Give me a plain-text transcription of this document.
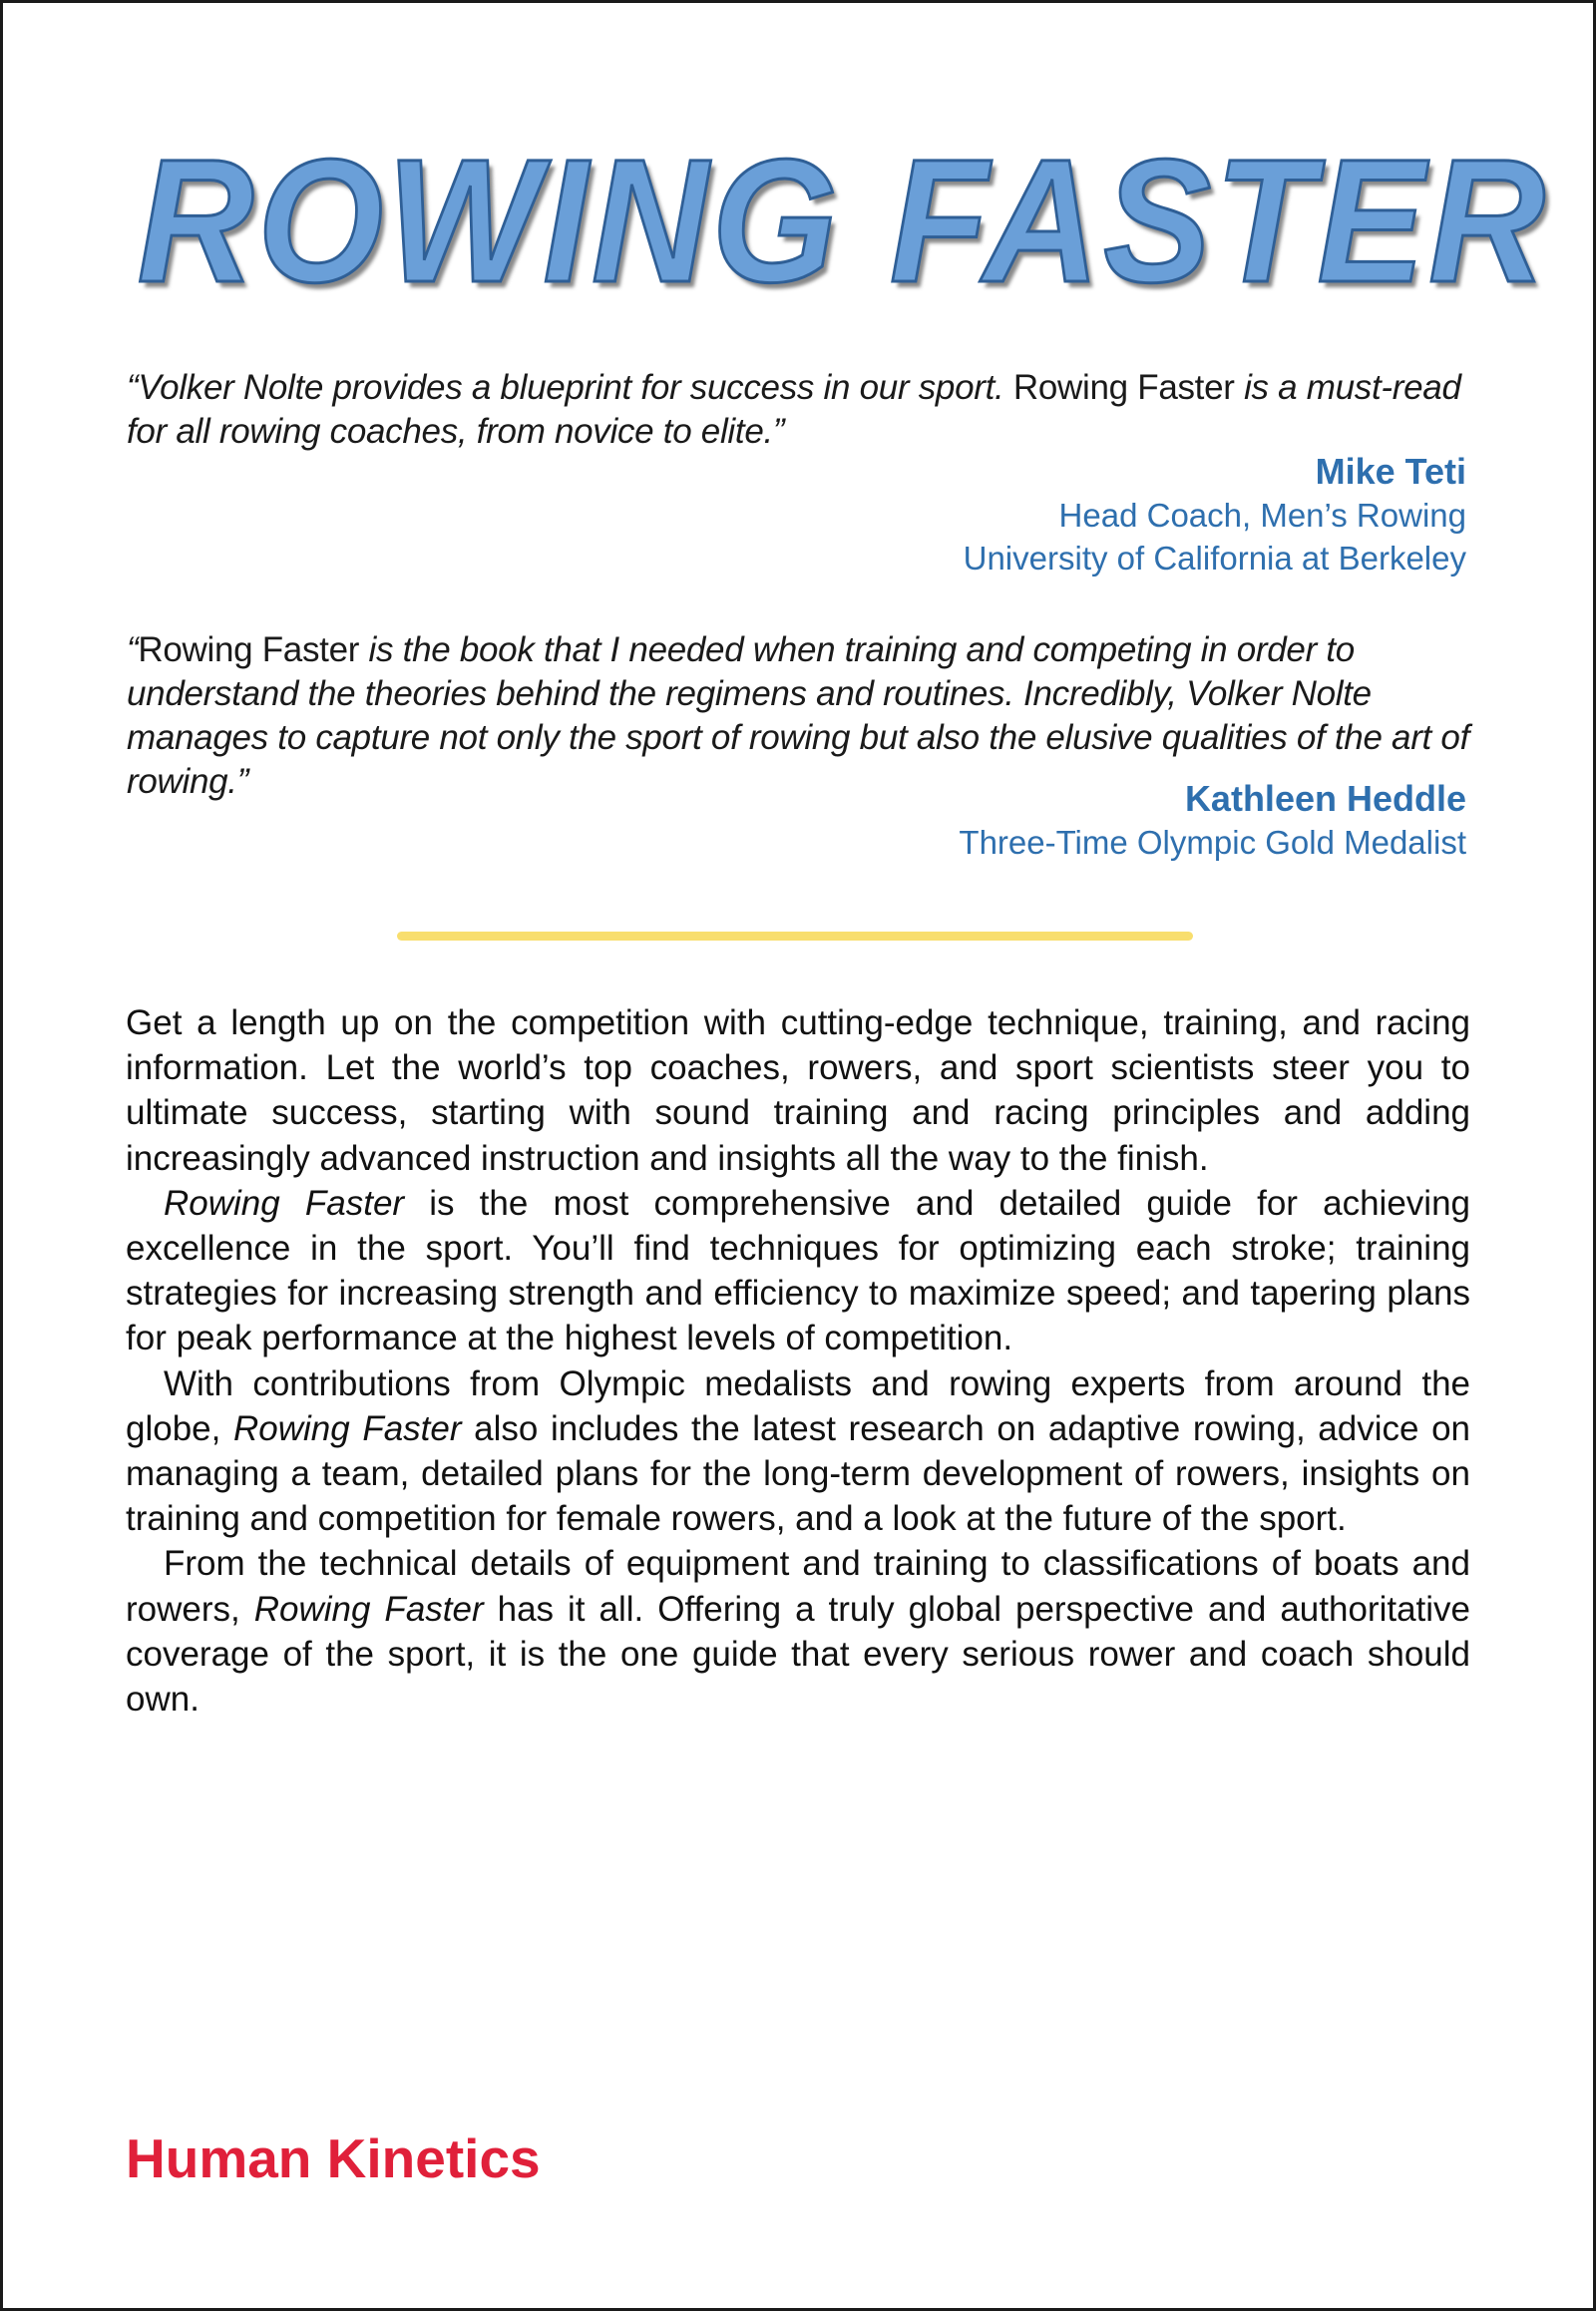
ROWING FASTER
“Volker Nolte provides a blueprint for success in our sport. Rowing Faster is a must-read for all rowing coaches, from novice to elite.”
Mike Teti
Head Coach, Men’s Rowing
University of California at Berkeley
“Rowing Faster is the book that I needed when training and competing in order to understand the theories behind the regimens and routines. Incredibly, Volker Nolte manages to capture not only the sport of rowing but also the elusive qualities of the art of rowing.”	Kathleen Heddle
Three-Time Olympic Gold Medalist

Get a length up on the competition with cutting-edge technique, training, and racing information. Let the world’s top coaches, rowers, and sport scientists steer you to ultimate success, starting with sound training and racing principles and adding increasingly advanced instruction and insights all the way to the finish.

Rowing Faster is the most comprehensive and detailed guide for achieving excellence in the sport. You’ll find techniques for optimizing each stroke; training strategies for increasing strength and efficiency to maximize speed; and tapering plans for peak performance at the highest levels of competition.

With contributions from Olympic medalists and rowing experts from around the globe, Rowing Faster also includes the latest research on adaptive rowing, advice on managing a team, detailed plans for the long-term development of rowers, insights on training and competition for female rowers, and a look at the future of the sport.

From the technical details of equipment and training to classifications of boats and rowers, Rowing Faster has it all. Offering a truly global perspective and authoritative coverage of the sport, it is the one guide that every serious rower and coach should own.

Human Kinetics
